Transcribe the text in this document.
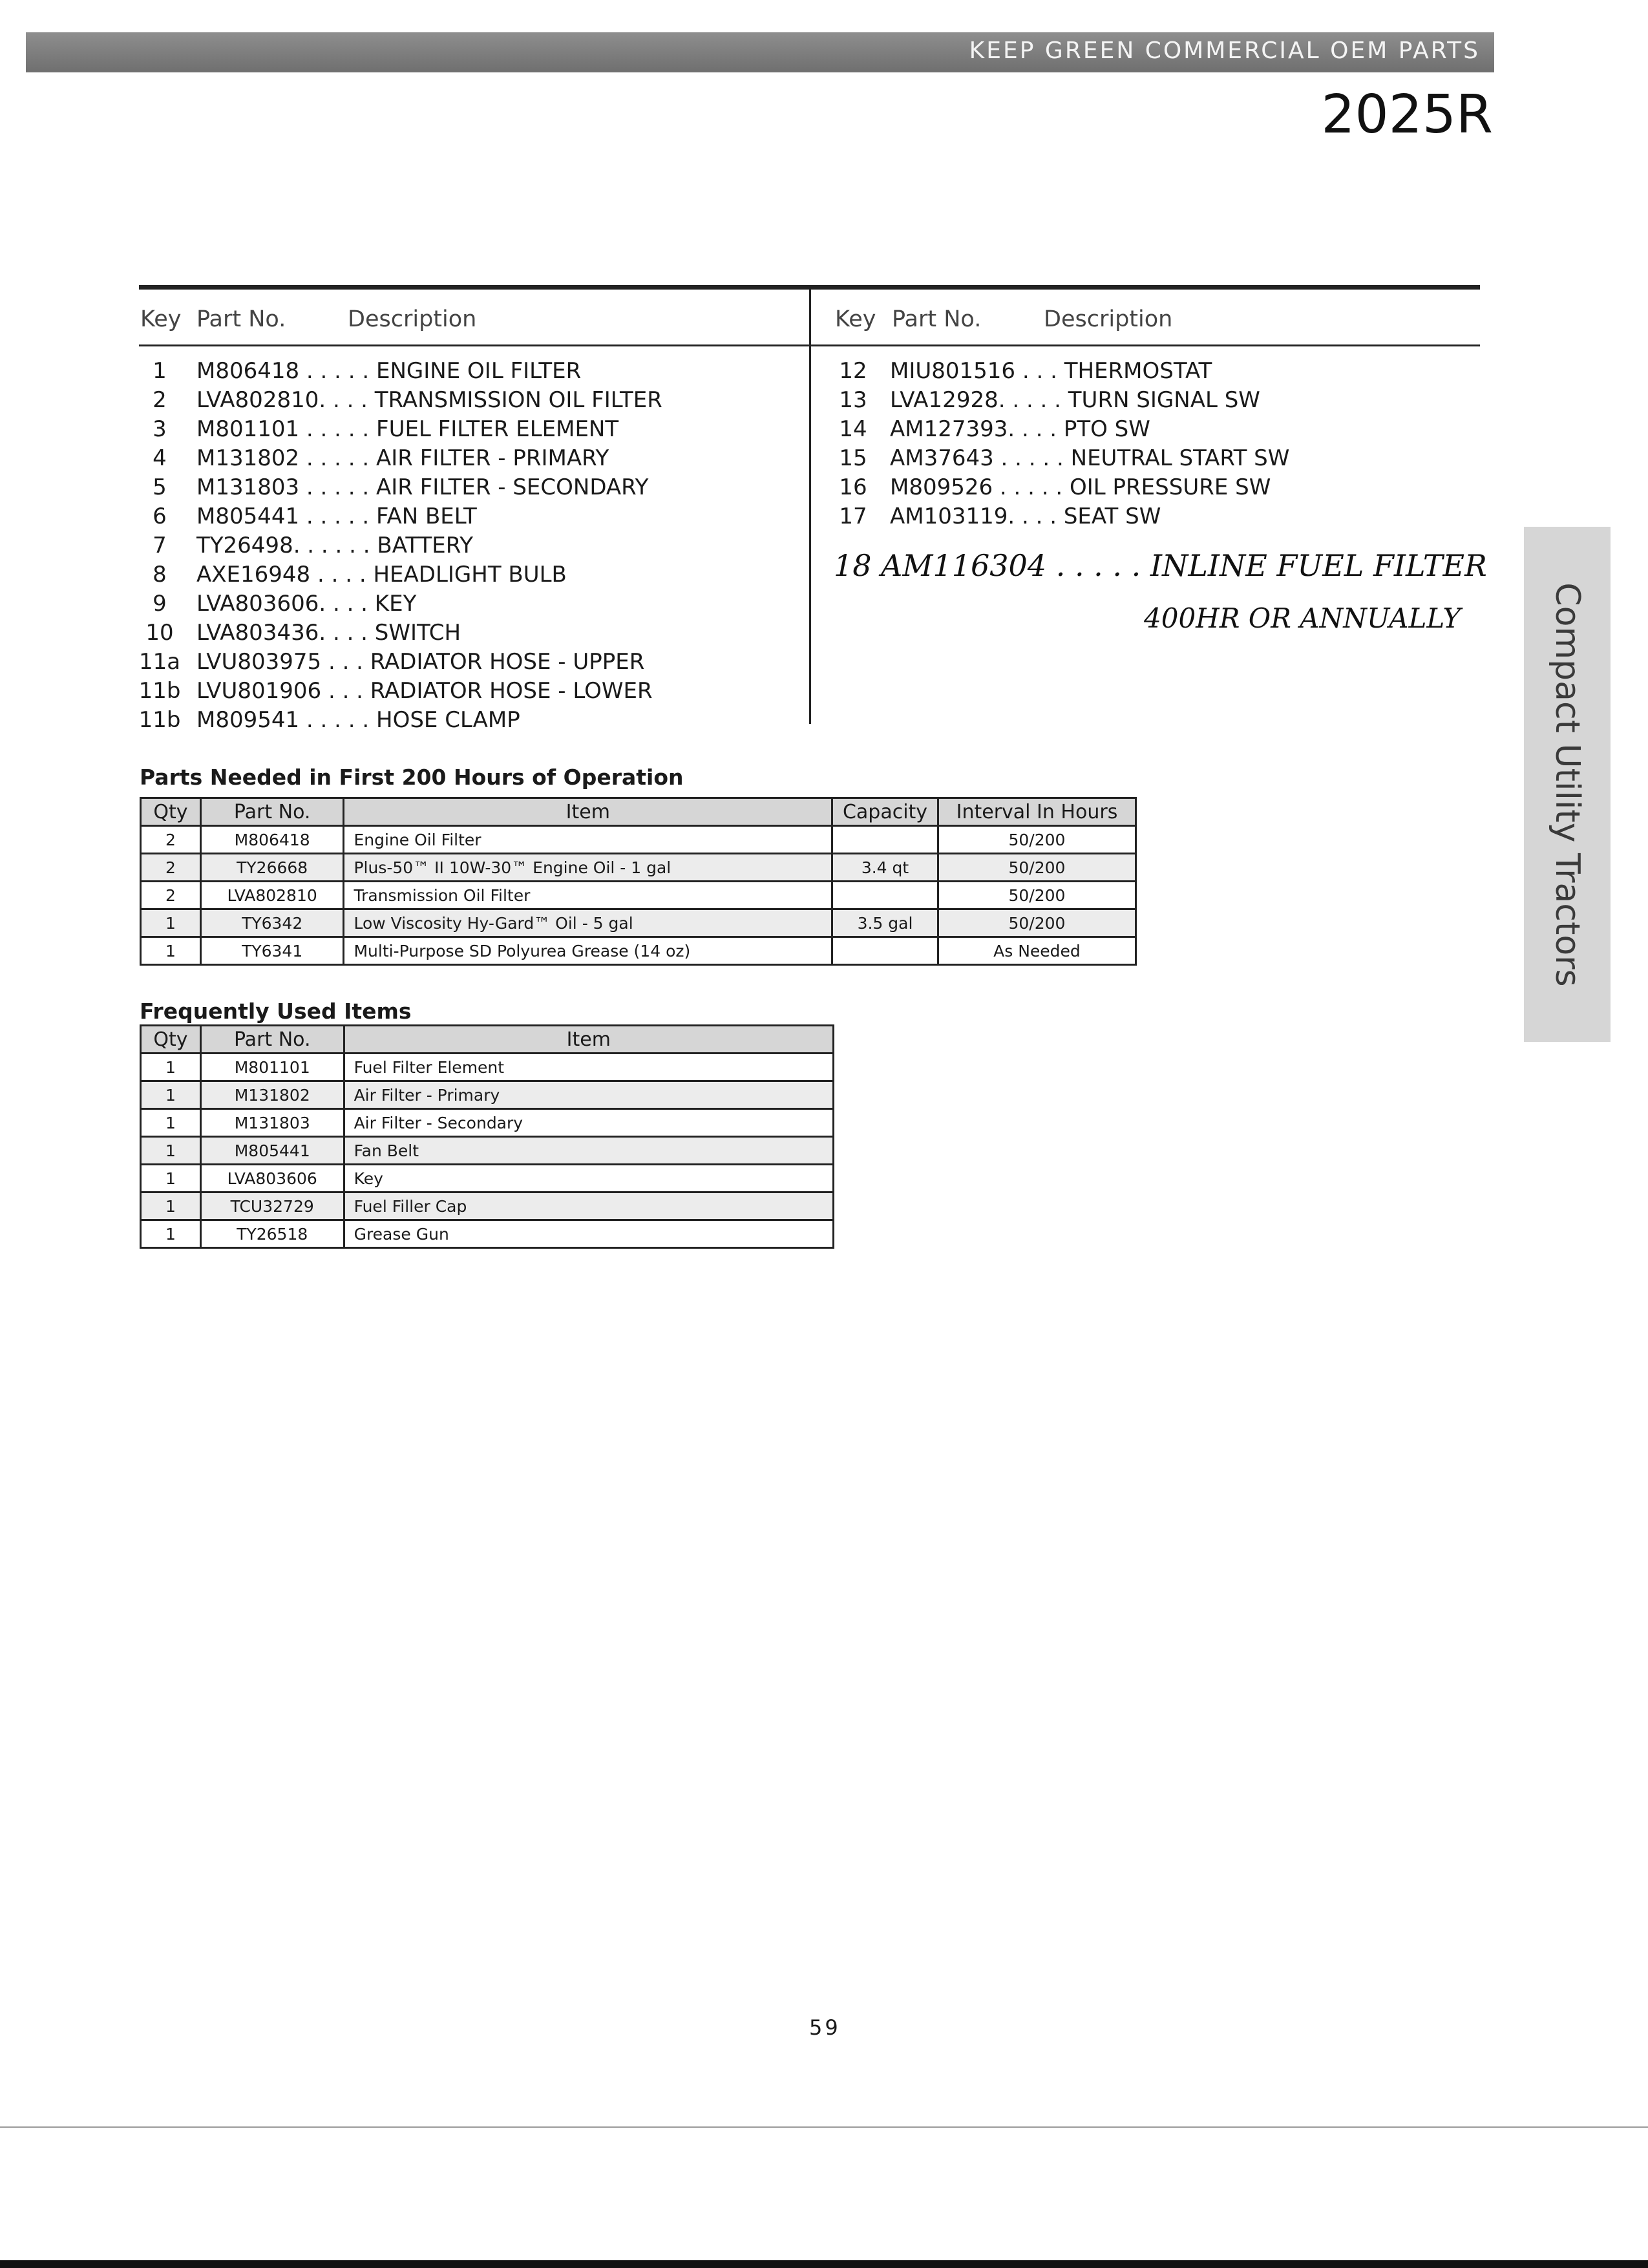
KEEP GREEN COMMERCIAL OEM PARTS
2025R
Compact Utility Tractors
Key Part No.	Description	Key Part No.	Description
1	M806418 . . . . . ENGINE OIL FILTER
2	LVA802810. . . . TRANSMISSION OIL FILTER
3	M801101 . . . . . FUEL FILTER ELEMENT
4	M131802 . . . . . AIR FILTER - PRIMARY
5	M131803 . . . . . AIR FILTER - SECONDARY
6	M805441 . . . . . FAN BELT
7	TY26498. . . . . . BATTERY
8	AXE16948 . . . . HEADLIGHT BULB
9	LVA803606. . . . KEY
10	LVA803436. . . . SWITCH
11a LVU803975 . . . RADIATOR HOSE - UPPER
11b LVU801906 . . . RADIATOR HOSE - LOWER
11b M809541 . . . . . HOSE CLAMP
12	MIU801516 . . . THERMOSTAT
13	LVA12928. . . . . TURN SIGNAL SW
14	AM127393. . . . PTO SW
15	AM37643 . . . . . NEUTRAL START SW
16	M809526 . . . . . OIL PRESSURE SW
17	AM103119. . . . SEAT SW
18 AM116304 . . . . . INLINE FUEL FILTER
400HR OR ANNUALLY
Parts Needed in First 200 Hours of Operation
Qty	Part No.	Item	Capacity	Interval In Hours
2	M806418	Engine Oil Filter		50/200
2	TY26668	Plus-50™ II 10W-30™ Engine Oil - 1 gal	3.4 qt	50/200
2	LVA802810	Transmission Oil Filter		50/200
1	TY6342	Low Viscosity Hy-Gard™ Oil - 5 gal	3.5 gal	50/200
1	TY6341	Multi-Purpose SD Polyurea Grease (14 oz)		As Needed
Frequently Used Items
Qty	Part No.	Item
1	M801101	Fuel Filter Element
1	M131802	Air Filter - Primary
1	M131803	Air Filter - Secondary
1	M805441	Fan Belt
1	LVA803606	Key
1	TCU32729	Fuel Filler Cap
1	TY26518	Grease Gun
59
